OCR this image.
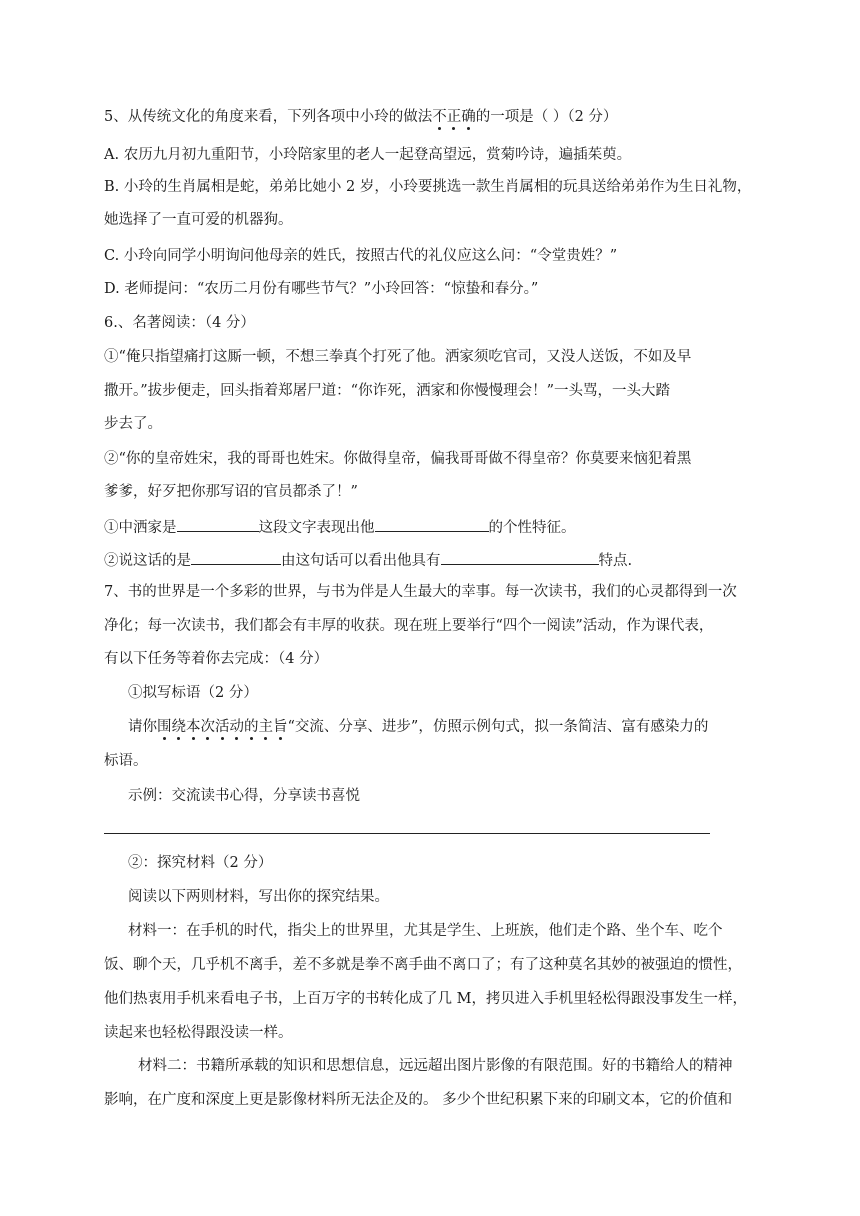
5、从传统文化的角度来看，下列各项中小玲的做法不正确的一项是（ ）（2 分）
A. 农历九月初九重阳节，小玲陪家里的老人一起登高望远，赏菊吟诗，遍插茱萸。
B. 小玲的生肖属相是蛇，弟弟比她小 2 岁，小玲要挑选一款生肖属相的玩具送给弟弟作为生日礼物，
她选择了一直可爱的机器狗。
C. 小玲向同学小明询问他母亲的姓氏，按照古代的礼仪应这么问：“令堂贵姓？”
D. 老师提问：“农历二月份有哪些节气？”小玲回答：“惊蛰和春分。”
6.、名著阅读：（4 分）
①“俺只指望痛打这厮一顿，不想三拳真个打死了他。洒家须吃官司，又没人送饭，不如及早
撒开。”拔步便走，回头指着郑屠尸道：“你诈死，洒家和你慢慢理会！”一头骂，一头大踏
步去了。
②“你的皇帝姓宋，我的哥哥也姓宋。你做得皇帝，偏我哥哥做不得皇帝？你莫要来恼犯着黑
爹爹，好歹把你那写诏的官员都杀了！”
①中洒家是	这段文字表现出他	的个性特征。
②说这话的是	由这句话可以看出他具有	特点.
7、书的世界是一个多彩的世界，与书为伴是人生最大的幸事。每一次读书，我们的心灵都得到一次
净化；每一次读书，我们都会有丰厚的收获。现在班上要举行“四个一阅读”活动，作为课代表，
有以下任务等着你去完成：（4 分）
①拟写标语（2 分）
请你围绕本次活动的主旨“交流、分享、进步”，仿照示例句式，拟一条简洁、富有感染力的
标语。
示例：交流读书心得，分享读书喜悦
②：探究材料（2 分）
阅读以下两则材料，写出你的探究结果。
材料一：在手机的时代，指尖上的世界里，尤其是学生、上班族，他们走个路、坐个车、吃个
饭、聊个天，几乎机不离手，差不多就是拳不离手曲不离口了；有了这种莫名其妙的被强迫的惯性，
他们热衷用手机来看电子书，上百万字的书转化成了几 M，拷贝进入手机里轻松得跟没事发生一样，
读起来也轻松得跟没读一样。
材料二：书籍所承载的知识和思想信息，远远超出图片影像的有限范围。好的书籍给人的精神
影响，在广度和深度上更是影像材料所无法企及的。 多少个世纪积累下来的印刷文本，它的价值和
